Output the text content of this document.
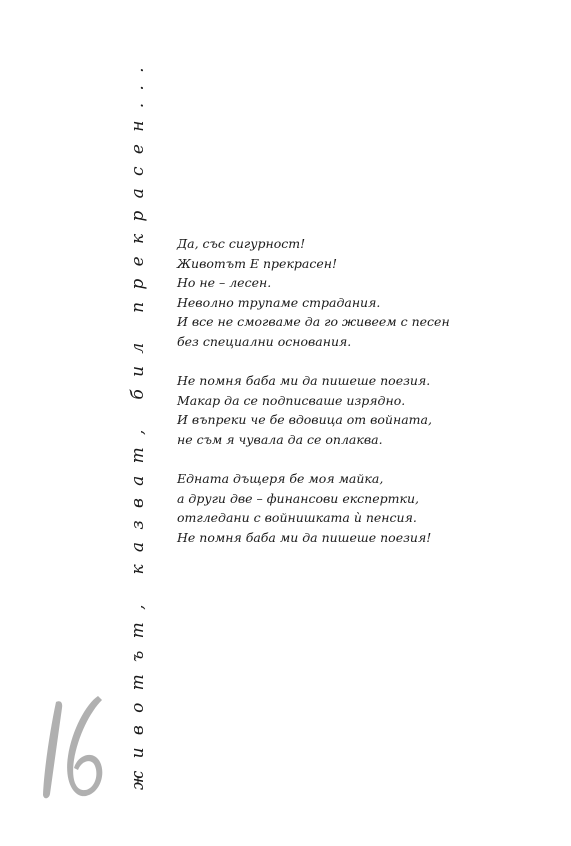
животът, казват, бил прекрасен...
16
Да, със сигурност!
Животът Е прекрасен!
Но не – лесен.
Неволно трупаме страдания.
И все не смогваме да го живеем с песен
без специални основания.
Не помня баба ми да пишеше поезия.
Макар да се подписваше изрядно.
И въпреки че бе вдовица от войната,
не съм я чувала да се оплаква.
Едната дъщеря бе моя майка,
а други две – финансови експертки,
отгледани с войнишката ѝ пенсия.
Не помня баба ми да пишеше поезия!
